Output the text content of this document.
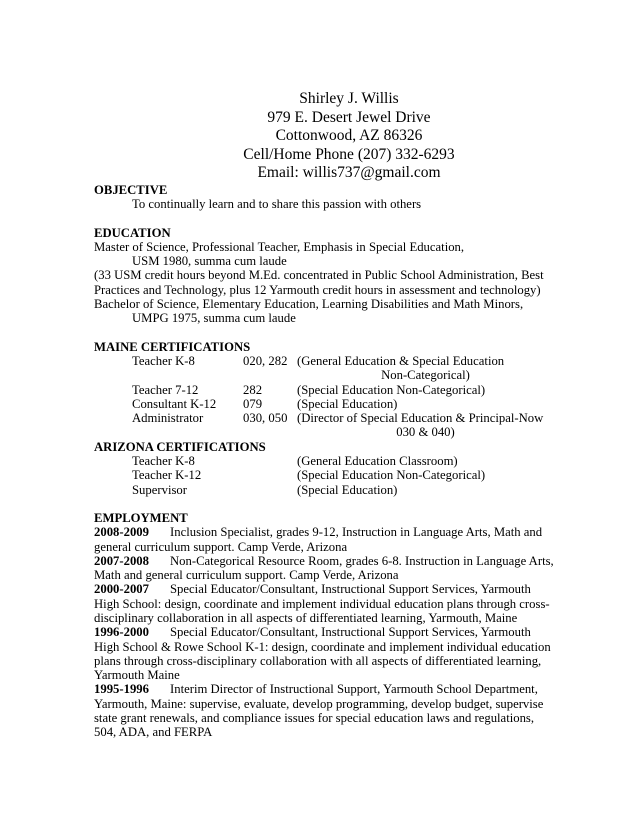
Shirley J. Willis
979 E. Desert Jewel Drive
Cottonwood, AZ 86326
Cell/Home Phone (207) 332-6293
Email: willis737@gmail.com
OBJECTIVE
To continually learn and to share this passion with others
EDUCATION
Master of Science, Professional Teacher, Emphasis in Special Education,
USM 1980, summa cum laude
(33 USM credit hours beyond M.Ed. concentrated in Public School Administration, Best Practices and Technology, plus 12 Yarmouth credit hours in assessment and technology)
Bachelor of Science, Elementary Education, Learning Disabilities and Math Minors,
UMPG 1975, summa cum laude
MAINE CERTIFICATIONS
Teacher K-8	020, 282 (General Education & Special Education
Non-Categorical)
Teacher 7-12	282	(Special Education Non-Categorical)
Consultant K-12	079	(Special Education)
Administrator	030, 050 (Director of Special Education & Principal-Now
030 & 040)
ARIZONA CERTIFICATIONS
Teacher K-8	(General Education Classroom)
Teacher K-12	(Special Education Non-Categorical)
Supervisor	(Special Education)
EMPLOYMENT
2008-2009 Inclusion Specialist, grades 9-12, Instruction in Language Arts, Math and general curriculum support. Camp Verde, Arizona
2007-2008 Non-Categorical Resource Room, grades 6-8. Instruction in Language Arts, Math and general curriculum support. Camp Verde, Arizona
2000-2007 Special Educator/Consultant, Instructional Support Services, Yarmouth High School: design, coordinate and implement individual education plans through cross-disciplinary collaboration in all aspects of differentiated learning, Yarmouth, Maine
1996-2000 Special Educator/Consultant, Instructional Support Services, Yarmouth High School & Rowe School K-1: design, coordinate and implement individual education plans through cross-disciplinary collaboration with all aspects of differentiated learning, Yarmouth Maine
1995-1996 Interim Director of Instructional Support, Yarmouth School Department, Yarmouth, Maine: supervise, evaluate, develop programming, develop budget, supervise state grant renewals, and compliance issues for special education laws and regulations, 504, ADA, and FERPA
